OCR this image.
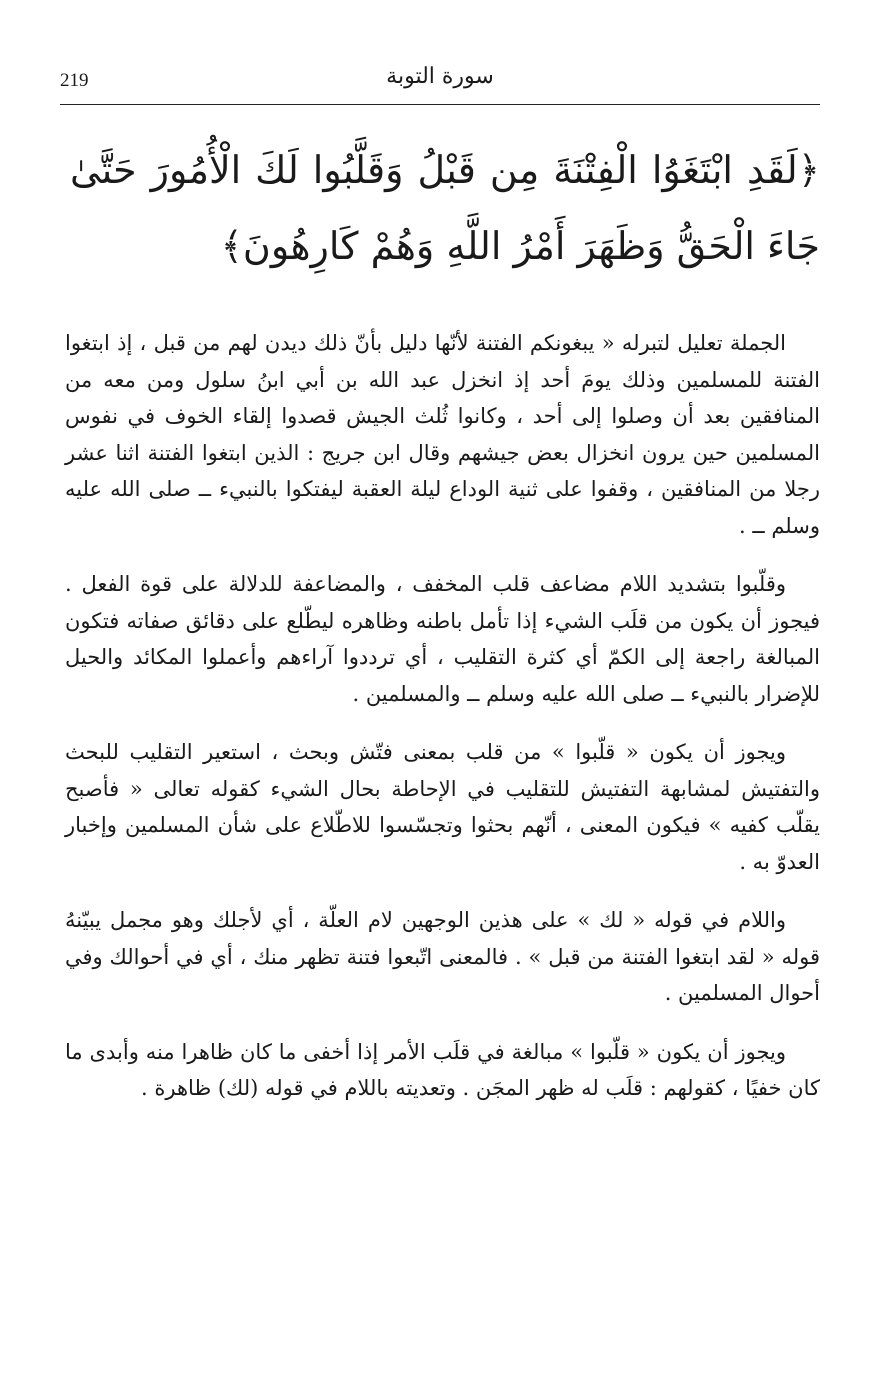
219	سورة التوبة
﴿لَقَدِ ابْتَغَوُا الْفِتْنَةَ مِن قَبْلُ وَقَلَّبُوا لَكَ الْأُمُورَ حَتَّىٰ جَاءَ الْحَقُّ وَظَهَرَ أَمْرُ اللَّهِ وَهُمْ كَارِهُونَ﴾

الجملة تعليل لتبرله « يبغونكم الفتنة لأنّها دليل بأنّ ذلك ديدن لهم من قبل ، إذ ابتغوا الفتنة للمسلمين وذلك يومَ أحد إذ انخزل عبد الله بن أبي ابنُ سلول ومن معه من المنافقين بعد أن وصلوا إلى أحد ، وكانوا ثُلث الجيش قصدوا إلقاء الخوف في نفوس المسلمين حين يرون انخزال بعض جيشهم وقال ابن جريج : الذين ابتغوا الفتنة اثنا عشر رجلا من المنافقين ، وقفوا على ثنية الوداع ليلة العقبة ليفتكوا بالنبيء ــ صلى الله عليه وسلم ــ .

وقلّبوا بتشديد اللام مضاعف قلب المخفف ، والمضاعفة للدلالة على قوة الفعل . فيجوز أن يكون من قلَب الشيء إذا تأمل باطنه وظاهره ليطّلع على دقائق صفاته فتكون المبالغة راجعة إلى الكمّ أي كثرة التقليب ، أي ترددوا آراءهم وأعملوا المكائد والحيل للإضرار بالنبيء ــ صلى الله عليه وسلم ــ والمسلمين .

ويجوز أن يكون « قلّبوا » من قلب بمعنى فتّش وبحث ، استعير التقليب للبحث والتفتيش لمشابهة التفتيش للتقليب في الإحاطة بحال الشيء كقوله تعالى « فأصبح يقلّب كفيه » فيكون المعنى ، أنّهم بحثوا وتجسّسوا للاطّلاع على شأن المسلمين وإخبار العدوّ به .

واللام في قوله « لك » على هذين الوجهين لام العلّة ، أي لأجلك وهو مجمل يبيّنهُ قوله « لقد ابتغوا الفتنة من قبل » . فالمعنى اتّبعوا فتنة تظهر منك ، أي في أحوالك وفي أحوال المسلمين .

ويجوز أن يكون « قلّبوا » مبالغة في قلَب الأمر إذا أخفى ما كان ظاهرا منه وأبدى ما كان خفيًا ، كقولهم : قلَب له ظهر المجَن . وتعديته باللام في قوله (لك) ظاهرة .
